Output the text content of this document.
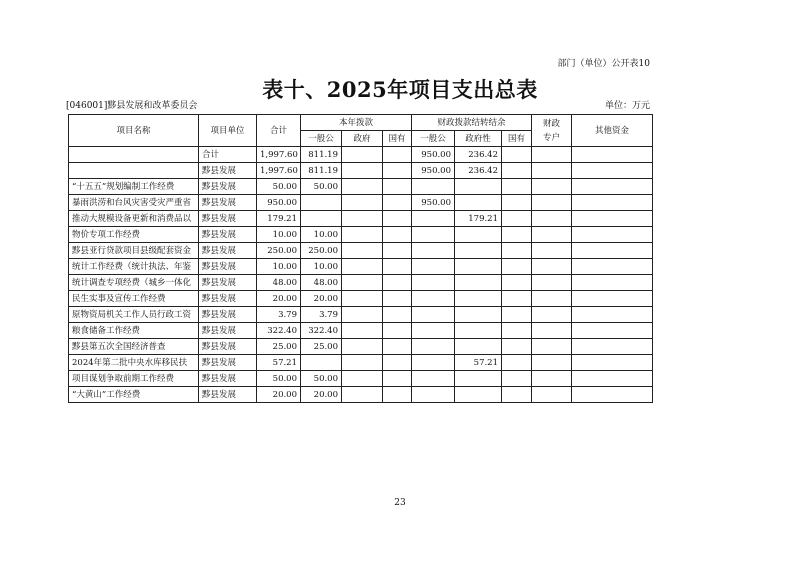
部门（单位）公开表10
表十、2025年项目支出总表
[046001]黟县发展和改革委员会	单位：万元
项目名称	项目单位	合计	本年拨款			财政拨款结转结余			财政专户	其他资金
			一般公	政府	国有	一般公	政府性	国有		
	合计	1,997.60	811.19			950.00	236.42			
	黟县发展	1,997.60	811.19			950.00	236.42			
“十五五”规划编制工作经费	黟县发展	50.00	50.00							
暴雨洪涝和台风灾害受灾严重省	黟县发展	950.00				950.00				
推动大规模设备更新和消费品以	黟县发展	179.21					179.21			
物价专项工作经费	黟县发展	10.00	10.00							
黟县亚行贷款项目县级配套资金	黟县发展	250.00	250.00							
统计工作经费（统计执法、年鉴	黟县发展	10.00	10.00							
统计调查专项经费（城乡一体化	黟县发展	48.00	48.00							
民生实事及宣传工作经费	黟县发展	20.00	20.00							
原物资局机关工作人员行政工资	黟县发展	3.79	3.79							
粮食储备工作经费	黟县发展	322.40	322.40							
黟县第五次全国经济普查	黟县发展	25.00	25.00							
2024年第二批中央水库移民扶	黟县发展	57.21					57.21			
项目谋划争取前期工作经费	黟县发展	50.00	50.00							
“大黄山”工作经费	黟县发展	20.00	20.00							
23
